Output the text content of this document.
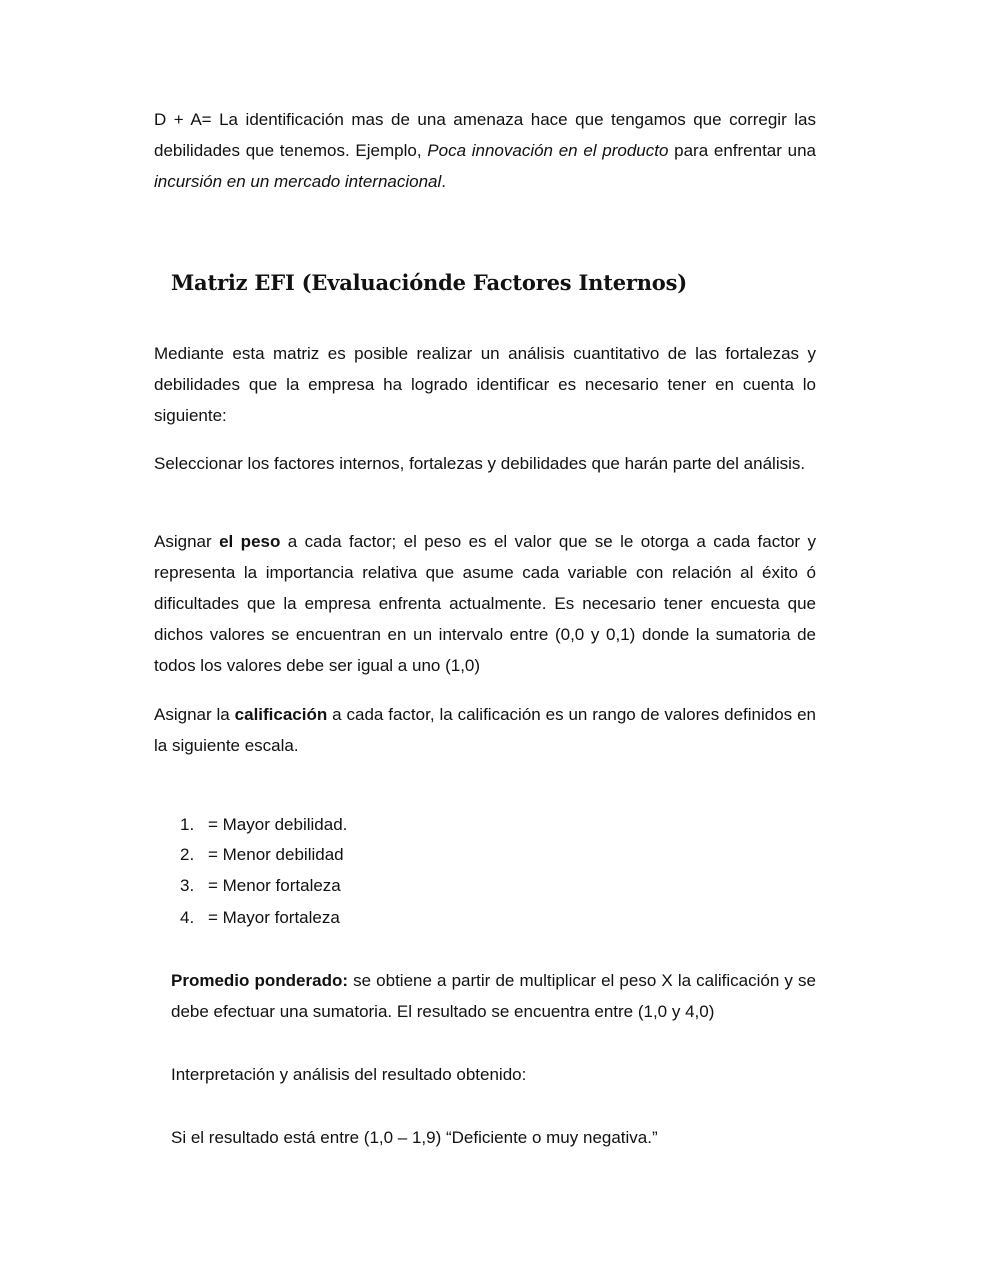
D + A= La identificación mas de una amenaza hace que tengamos que corregir las debilidades que tenemos. Ejemplo, Poca innovación en el producto para enfrentar una incursión en un mercado internacional.

Matriz EFI (Evaluaciónde Factores Internos)

Mediante esta matriz es posible realizar un análisis cuantitativo de las fortalezas y debilidades que la empresa ha logrado identificar es necesario tener en cuenta lo siguiente:

Seleccionar los factores internos, fortalezas y debilidades que harán parte del análisis.

Asignar el peso a cada factor; el peso es el valor que se le otorga a cada factor y representa la importancia relativa que asume cada variable con relación al éxito ó dificultades que la empresa enfrenta actualmente. Es necesario tener encuesta que dichos valores se encuentran en un intervalo entre (0,0 y 0,1) donde la sumatoria de todos los valores debe ser igual a uno (1,0)

Asignar la calificación a cada factor, la calificación es un rango de valores definidos en la siguiente escala.

1. = Mayor debilidad.
2. = Menor debilidad
3. = Menor fortaleza
4. = Mayor fortaleza

Promedio ponderado: se obtiene a partir de multiplicar el peso X la calificación y se debe efectuar una sumatoria. El resultado se encuentra entre (1,0 y 4,0)

Interpretación y análisis del resultado obtenido:

Si el resultado está entre (1,0 – 1,9) “Deficiente o muy negativa.”
